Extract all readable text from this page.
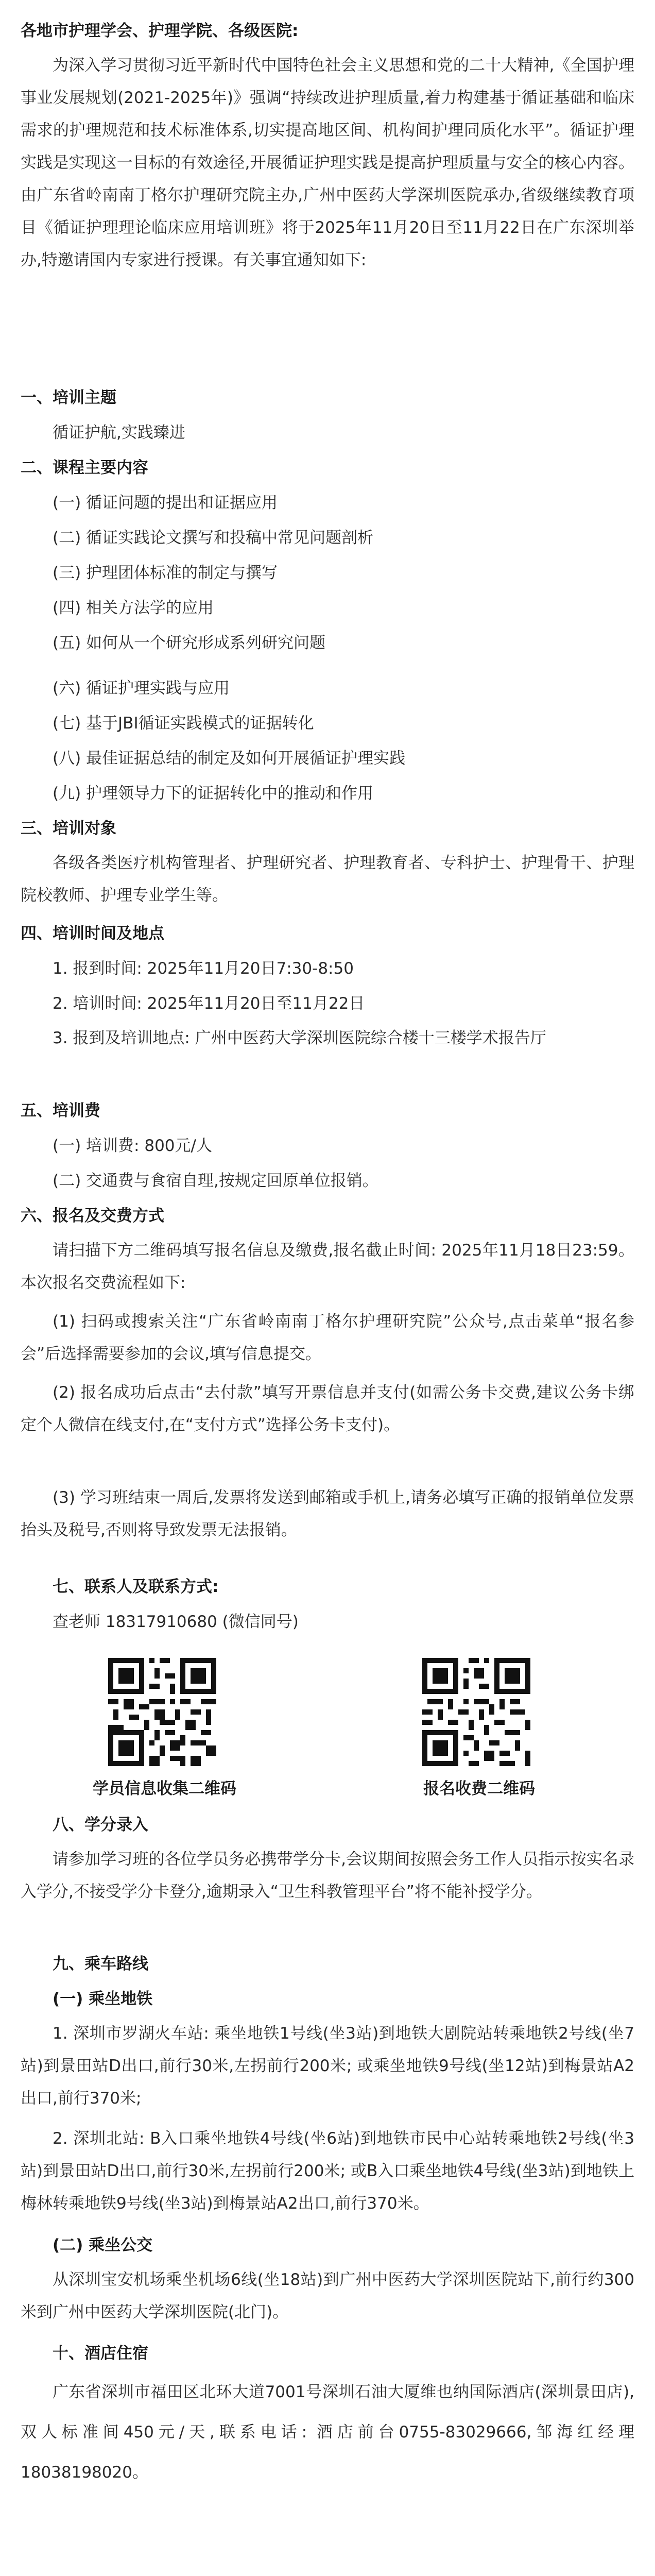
各地市护理学会、护理学院、各级医院:

为深入学习贯彻习近平新时代中国特色社会主义思想和党的二十大精神,《全国护理事业发展规划(2021-2025年)》强调“持续改进护理质量,着力构建基于循证基础和临床需求的护理规范和技术标准体系,切实提高地区间、机构间护理同质化水平”。循证护理实践是实现这一目标的有效途径,开展循证护理实践是提高护理质量与安全的核心内容。由广东省岭南南丁格尔护理研究院主办,广州中医药大学深圳医院承办,省级继续教育项目《循证护理理论临床应用培训班》将于2025年11月20日至11月22日在广东深圳举办,特邀请国内专家进行授课。有关事宜通知如下:

一、培训主题

循证护航,实践臻进

二、课程主要内容

(一) 循证问题的提出和证据应用

(二) 循证实践论文撰写和投稿中常见问题剖析

(三) 护理团体标准的制定与撰写

(四) 相关方法学的应用

(五) 如何从一个研究形成系列研究问题

(六) 循证护理实践与应用

(七) 基于JBI循证实践模式的证据转化

(八) 最佳证据总结的制定及如何开展循证护理实践

(九) 护理领导力下的证据转化中的推动和作用

三、培训对象

各级各类医疗机构管理者、护理研究者、护理教育者、专科护士、护理骨干、护理院校教师、护理专业学生等。

四、培训时间及地点

1. 报到时间: 2025年11月20日7:30-8:50

2. 培训时间: 2025年11月20日至11月22日

3. 报到及培训地点: 广州中医药大学深圳医院综合楼十三楼学术报告厅

五、培训费

(一) 培训费: 800元/人

(二) 交通费与食宿自理,按规定回原单位报销。

六、报名及交费方式

请扫描下方二维码填写报名信息及缴费,报名截止时间: 2025年11月18日23:59。本次报名交费流程如下:

(1) 扫码或搜索关注“广东省岭南南丁格尔护理研究院”公众号,点击菜单“报名参会”后选择需要参加的会议,填写信息提交。

(2) 报名成功后点击“去付款”填写开票信息并支付(如需公务卡交费,建议公务卡绑定个人微信在线支付,在“支付方式”选择公务卡支付)。

(3) 学习班结束一周后,发票将发送到邮箱或手机上,请务必填写正确的报销单位发票抬头及税号,否则将导致发票无法报销。

七、联系人及联系方式:

查老师 18317910680 (微信同号)

学员信息收集二维码	报名收费二维码

八、学分录入

请参加学习班的各位学员务必携带学分卡,会议期间按照会务工作人员指示按实名录入学分,不接受学分卡登分,逾期录入“卫生科教管理平台”将不能补授学分。

九、乘车路线

(一) 乘坐地铁

1. 深圳市罗湖火车站: 乘坐地铁1号线(坐3站)到地铁大剧院站转乘地铁2号线(坐7站)到景田站D出口,前行30米,左拐前行200米; 或乘坐地铁9号线(坐12站)到梅景站A2出口,前行370米;

2. 深圳北站: B入口乘坐地铁4号线(坐6站)到地铁市民中心站转乘地铁2号线(坐3站)到景田站D出口,前行30米,左拐前行200米; 或B入口乘坐地铁4号线(坐3站)到地铁上梅林转乘地铁9号线(坐3站)到梅景站A2出口,前行370米。

(二) 乘坐公交

从深圳宝安机场乘坐机场6线(坐18站)到广州中医药大学深圳医院站下,前行约300米到广州中医药大学深圳医院(北门)。

十、酒店住宿

广东省深圳市福田区北环大道7001号深圳石油大厦维也纳国际酒店(深圳景田店),双人标准间450元/天,联系电话: 酒店前台0755-83029666,邹海红经理18038198020。
